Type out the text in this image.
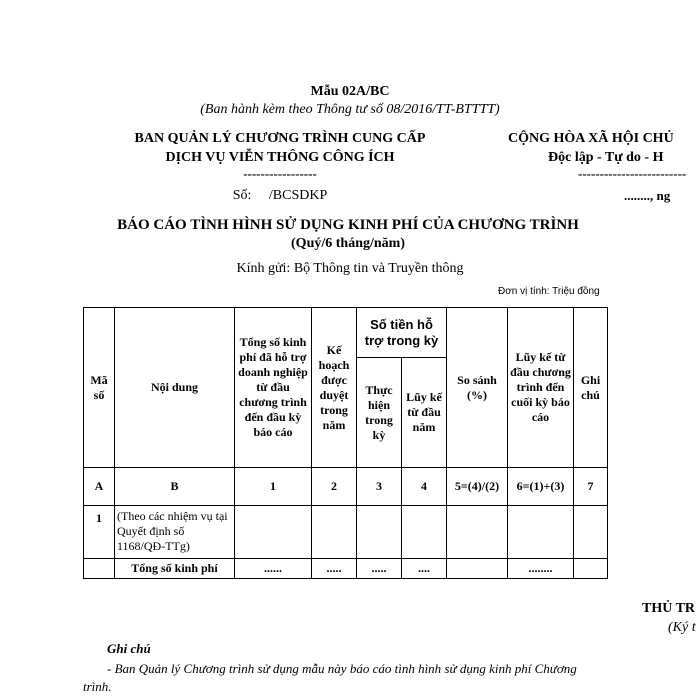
Mẫu 02A/BC
(Ban hành kèm theo Thông tư số 08/2016/TT-BTTTT)
BAN QUẢN LÝ CHƯƠNG TRÌNH CUNG CẤP
DỊCH VỤ VIỄN THÔNG CÔNG ÍCH
-----------------
Số:     /BCSDKP
CỘNG HÒA XÃ HỘI CHỦ
Độc lập - Tự do - H
-------------------------
........, ng
BÁO CÁO TÌNH HÌNH SỬ DỤNG KINH PHÍ CỦA CHƯƠNG TRÌNH
(Quý/6 tháng/năm)
Kính gửi: Bộ Thông tin và Truyền thông
Đơn vị tính: Triệu đồng
Mã số	Nội dung	Tổng số kinh phí đã hỗ trợ doanh nghiệp từ đầu chương trình đến đầu kỳ báo cáo	Kế hoạch được duyệt trong năm	Số tiền hỗ trợ trong kỳ		So sánh (%)	Lũy kế từ đầu chương trình đến cuối kỳ báo cáo	Ghi chú
				Thực hiện trong kỳ	Lũy kế từ đầu năm			
A	B	1	2	3	4	5=(4)/(2)	6=(1)+(3)	7
1	(Theo các nhiệm vụ tại Quyết định số 1168/QĐ-TTg)							
	Tổng số kinh phí	......	.....	.....	....		........	
THỦ TR
(Ký t
Ghi chú
- Ban Quản lý Chương trình sử dụng mẫu này báo cáo tình hình sử dụng kinh phí Chương
trình.
